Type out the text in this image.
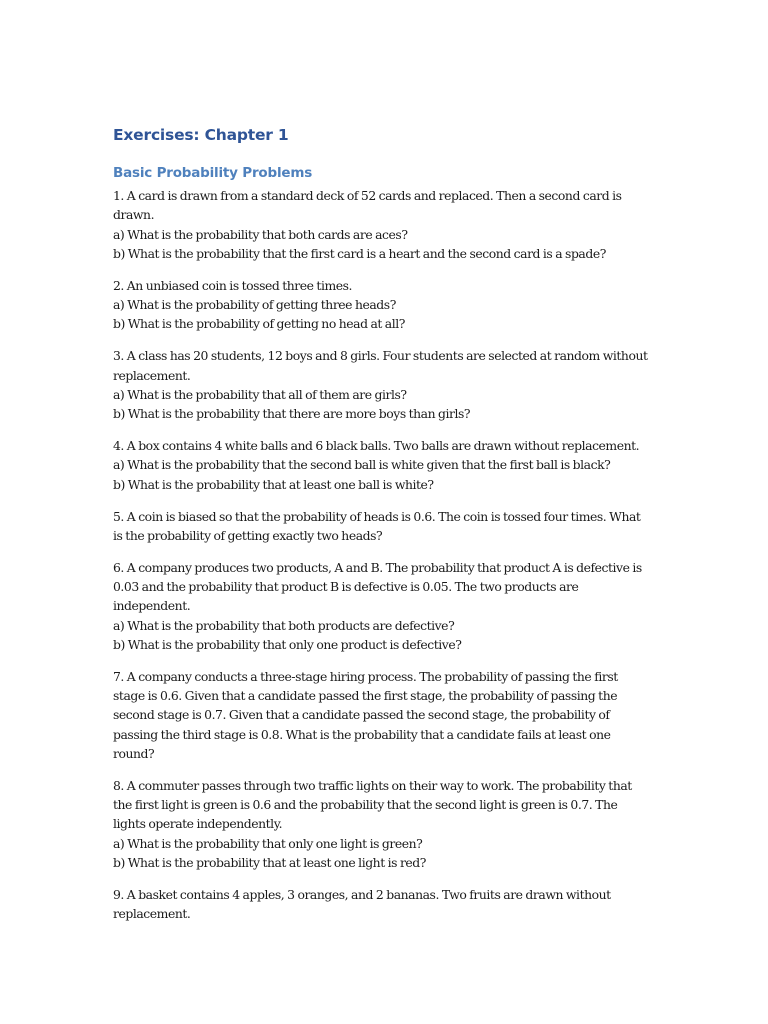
Exercises: Chapter 1
Basic Probability Problems
1. A card is drawn from a standard deck of 52 cards and replaced. Then a second card is
drawn.
a) What is the probability that both cards are aces?
b) What is the probability that the first card is a heart and the second card is a spade?
2. An unbiased coin is tossed three times.
a) What is the probability of getting three heads?
b) What is the probability of getting no head at all?
3. A class has 20 students, 12 boys and 8 girls. Four students are selected at random without
replacement.
a) What is the probability that all of them are girls?
b) What is the probability that there are more boys than girls?
4. A box contains 4 white balls and 6 black balls. Two balls are drawn without replacement.
a) What is the probability that the second ball is white given that the first ball is black?
b) What is the probability that at least one ball is white?
5. A coin is biased so that the probability of heads is 0.6. The coin is tossed four times. What
is the probability of getting exactly two heads?
6. A company produces two products, A and B. The probability that product A is defective is
0.03 and the probability that product B is defective is 0.05. The two products are
independent.
a) What is the probability that both products are defective?
b) What is the probability that only one product is defective?
7. A company conducts a three-stage hiring process. The probability of passing the first
stage is 0.6. Given that a candidate passed the first stage, the probability of passing the
second stage is 0.7. Given that a candidate passed the second stage, the probability of
passing the third stage is 0.8. What is the probability that a candidate fails at least one
round?
8. A commuter passes through two traffic lights on their way to work. The probability that
the first light is green is 0.6 and the probability that the second light is green is 0.7. The
lights operate independently.
a) What is the probability that only one light is green?
b) What is the probability that at least one light is red?
9. A basket contains 4 apples, 3 oranges, and 2 bananas. Two fruits are drawn without
replacement.
